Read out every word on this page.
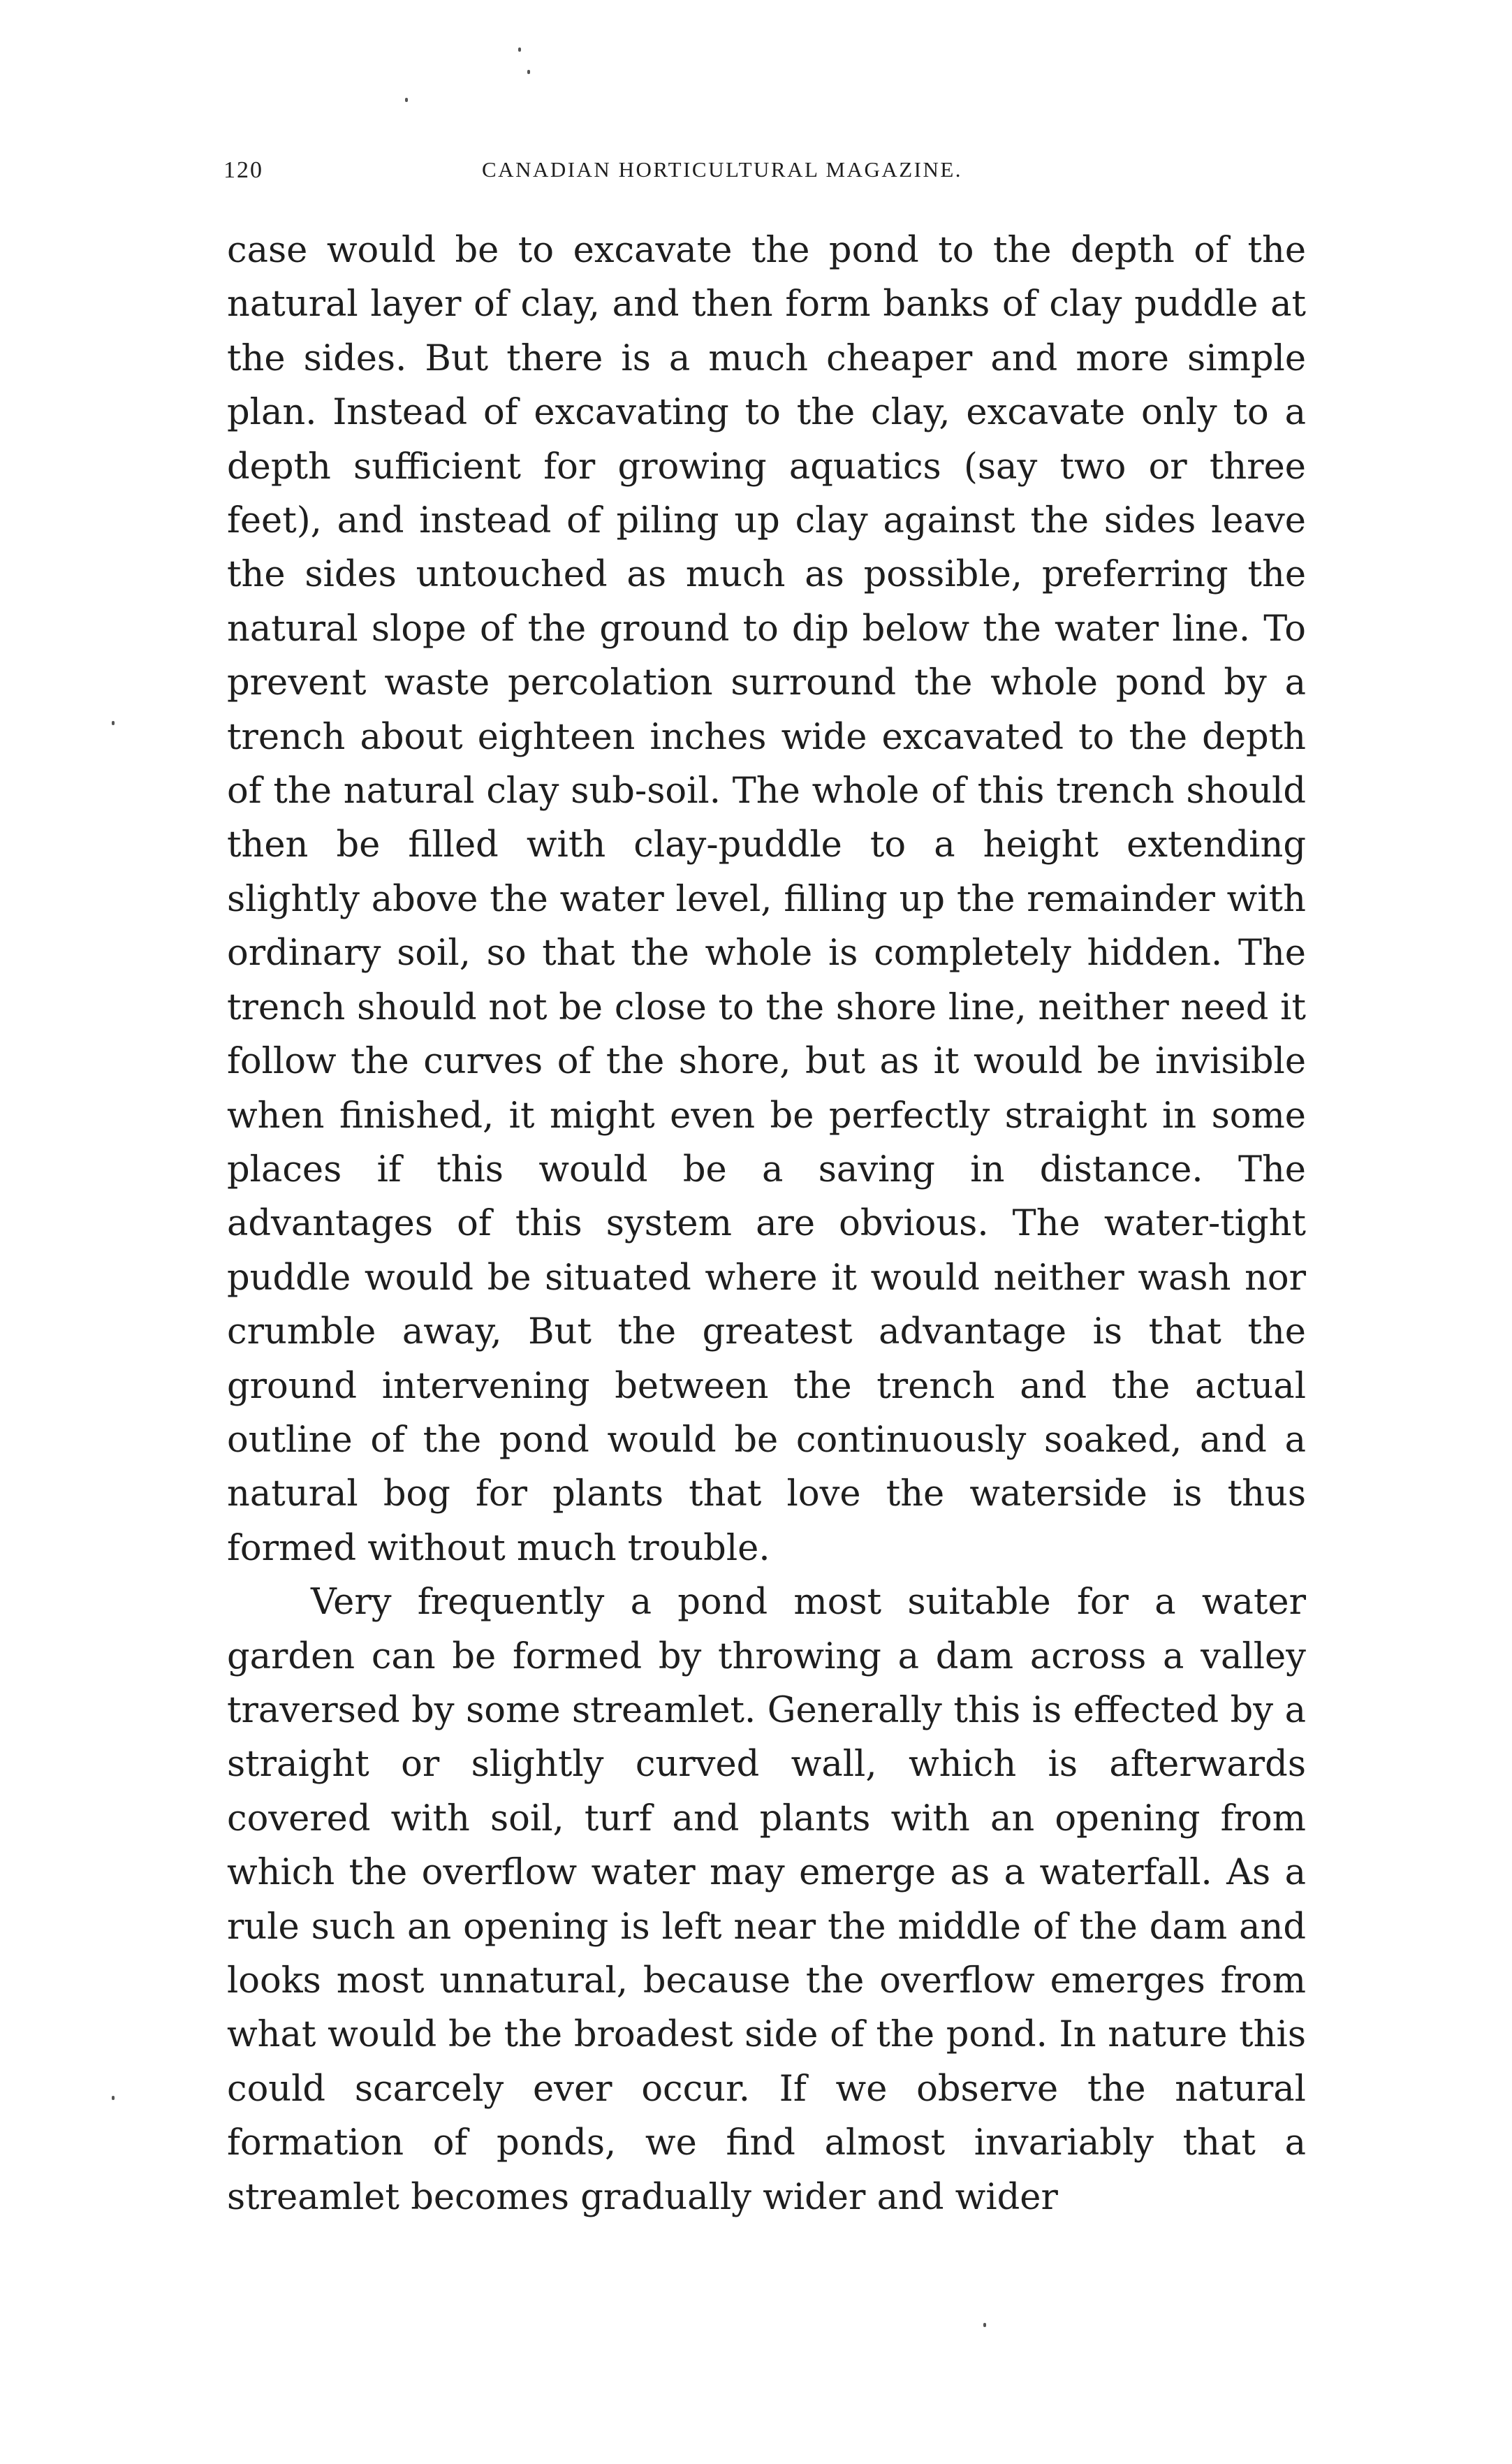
120	CANADIAN HORTICULTURAL MAGAZINE.

case would be to excavate the pond to the depth of the natural layer of clay, and then form banks of clay puddle at the sides. But there is a much cheaper and more simple plan. Instead of excavating to the clay, excavate only to a depth sufficient for growing aquatics (say two or three feet), and instead of piling up clay against the sides leave the sides untouched as much as possible, preferring the natural slope of the ground to dip below the water line. To prevent waste percolation surround the whole pond by a trench about eighteen inches wide excavated to the depth of the natural clay sub-soil. The whole of this trench should then be filled with clay-puddle to a height extending slightly above the water level, filling up the remainder with ordinary soil, so that the whole is completely hidden. The trench should not be close to the shore line, neither need it follow the curves of the shore, but as it would be invisible when finished, it might even be perfectly straight in some places if this would be a saving in distance. The advantages of this system are obvious. The water-tight puddle would be situated where it would neither wash nor crumble away, But the greatest advantage is that the ground intervening between the trench and the actual outline of the pond would be continuously soaked, and a natural bog for plants that love the waterside is thus formed without much trouble.

Very frequently a pond most suitable for a water garden can be formed by throwing a dam across a valley traversed by some streamlet. Generally this is effected by a straight or slightly curved wall, which is afterwards covered with soil, turf and plants with an opening from which the overflow water may emerge as a waterfall. As a rule such an opening is left near the middle of the dam and looks most unnatural, because the overflow emerges from what would be the broadest side of the pond. In nature this could scarcely ever occur. If we observe the natural formation of ponds, we find almost invariably that a streamlet becomes gradually wider and wider
